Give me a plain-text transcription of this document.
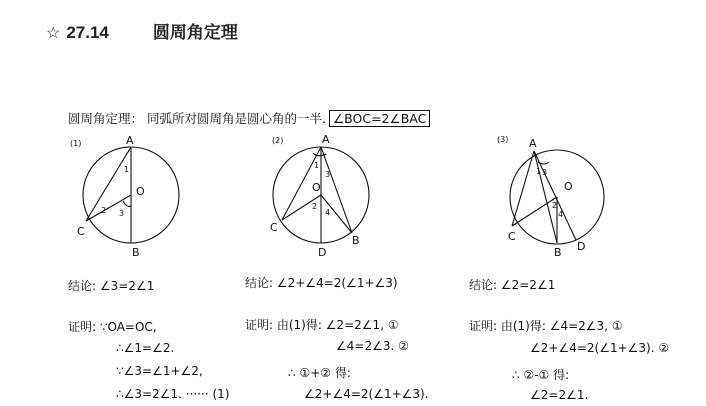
☆ 27.14	圆周角定理
圆周角定理： 同弧所对圆周角是圆心角的一半. ∠BOC=2∠BAC
(1)	(2)	(3)
A
B
C
O
1
2 3
A
B
C
D
O
1
2
3
4
A
B
C
D
O
1
2
3
4
结论: ∠3=2∠1	结论: ∠2+∠4=2(∠1+∠3)	结论: ∠2=2∠1
证明: ∵OA=OC,
∴∠1=∠2.
∵∠3=∠1+∠2,
∴∠3=2∠1. ······ (1)
证明: 由(1)得: ∠2=2∠1, ①
∠4=2∠3. ②
∴ ①+② 得:
∠2+∠4=2(∠1+∠3).
证明: 由(1)得: ∠4=2∠3, ①
∠2+∠4=2(∠1+∠3). ②
∴ ②-① 得:
∠2=2∠1.
